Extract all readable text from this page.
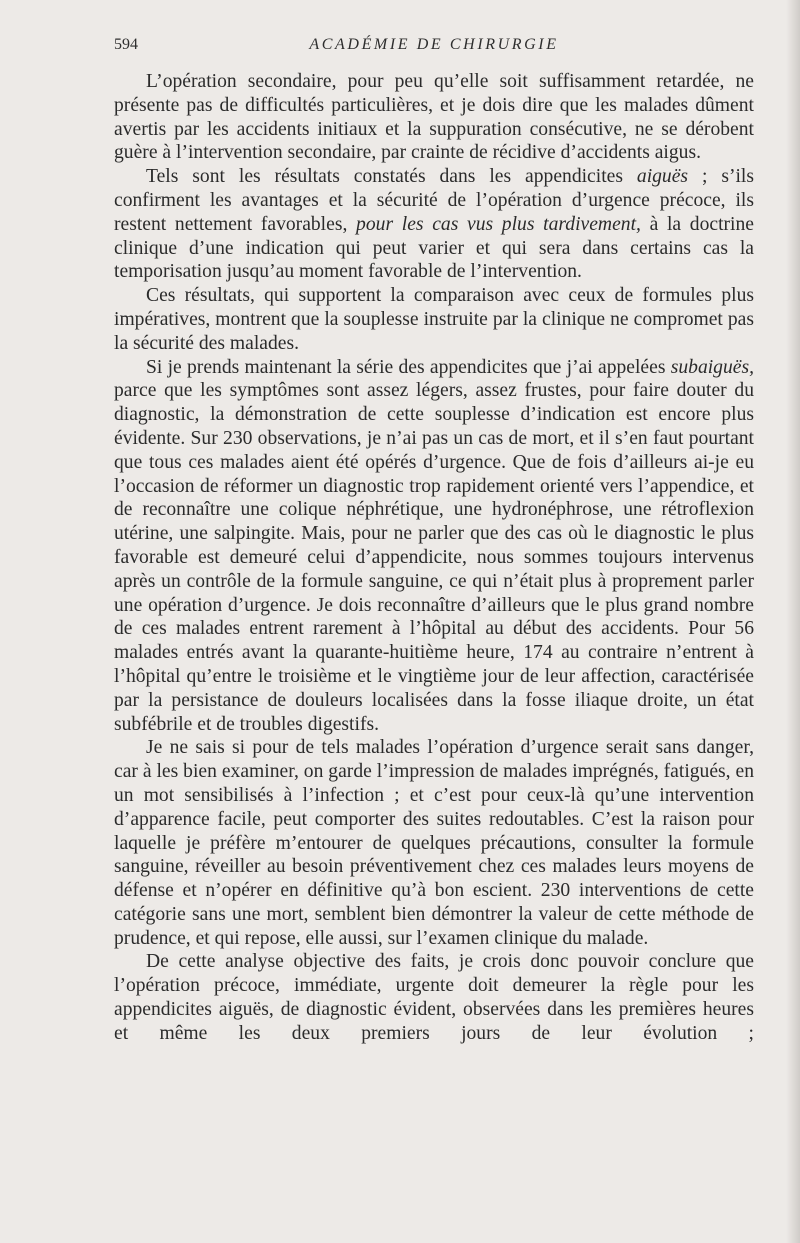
594	ACADÉMIE DE CHIRURGIE

L’opération secondaire, pour peu qu’elle soit suffisamment retardée, ne présente pas de difficultés particulières, et je dois dire que les malades dûment avertis par les accidents initiaux et la suppuration consécutive, ne se dérobent guère à l’intervention secondaire, par crainte de récidive d’accidents aigus.

Tels sont les résultats constatés dans les appendicites aiguës ; s’ils confirment les avantages et la sécurité de l’opération d’urgence précoce, ils restent nettement favorables, pour les cas vus plus tardivement, à la doctrine clinique d’une indication qui peut varier et qui sera dans certains cas la temporisation jusqu’au moment favorable de l’intervention.

Ces résultats, qui supportent la comparaison avec ceux de formules plus impératives, montrent que la souplesse instruite par la clinique ne compromet pas la sécurité des malades.

Si je prends maintenant la série des appendicites que j’ai appelées subaiguës, parce que les symptômes sont assez légers, assez frustes, pour faire douter du diagnostic, la démonstration de cette souplesse d’indication est encore plus évidente. Sur 230 observations, je n’ai pas un cas de mort, et il s’en faut pourtant que tous ces malades aient été opérés d’urgence. Que de fois d’ailleurs ai-je eu l’occasion de réformer un diagnostic trop rapidement orienté vers l’appendice, et de reconnaître une colique néphrétique, une hydronéphrose, une rétroflexion utérine, une salpingite. Mais, pour ne parler que des cas où le diagnostic le plus favorable est demeuré celui d’appendicite, nous sommes toujours intervenus après un contrôle de la formule sanguine, ce qui n’était plus à proprement parler une opération d’urgence. Je dois reconnaître d’ailleurs que le plus grand nombre de ces malades entrent rarement à l’hôpital au début des accidents. Pour 56 malades entrés avant la quarante-huitième heure, 174 au contraire n’entrent à l’hôpital qu’entre le troisième et le vingtième jour de leur affection, caractérisée par la persistance de douleurs localisées dans la fosse iliaque droite, un état subfébrile et de troubles digestifs.

Je ne sais si pour de tels malades l’opération d’urgence serait sans danger, car à les bien examiner, on garde l’impression de malades imprégnés, fatigués, en un mot sensibilisés à l’infection ; et c’est pour ceux-là qu’une intervention d’apparence facile, peut comporter des suites redoutables. C’est la raison pour laquelle je préfère m’entourer de quelques précautions, consulter la formule sanguine, réveiller au besoin préventivement chez ces malades leurs moyens de défense et n’opérer en définitive qu’à bon escient. 230 interventions de cette catégorie sans une mort, semblent bien démontrer la valeur de cette méthode de prudence, et qui repose, elle aussi, sur l’examen clinique du malade.

De cette analyse objective des faits, je crois donc pouvoir conclure que l’opération précoce, immédiate, urgente doit demeurer la règle pour les appendicites aiguës, de diagnostic évident, observées dans les premières heures et même les deux premiers jours de leur évolution ;
